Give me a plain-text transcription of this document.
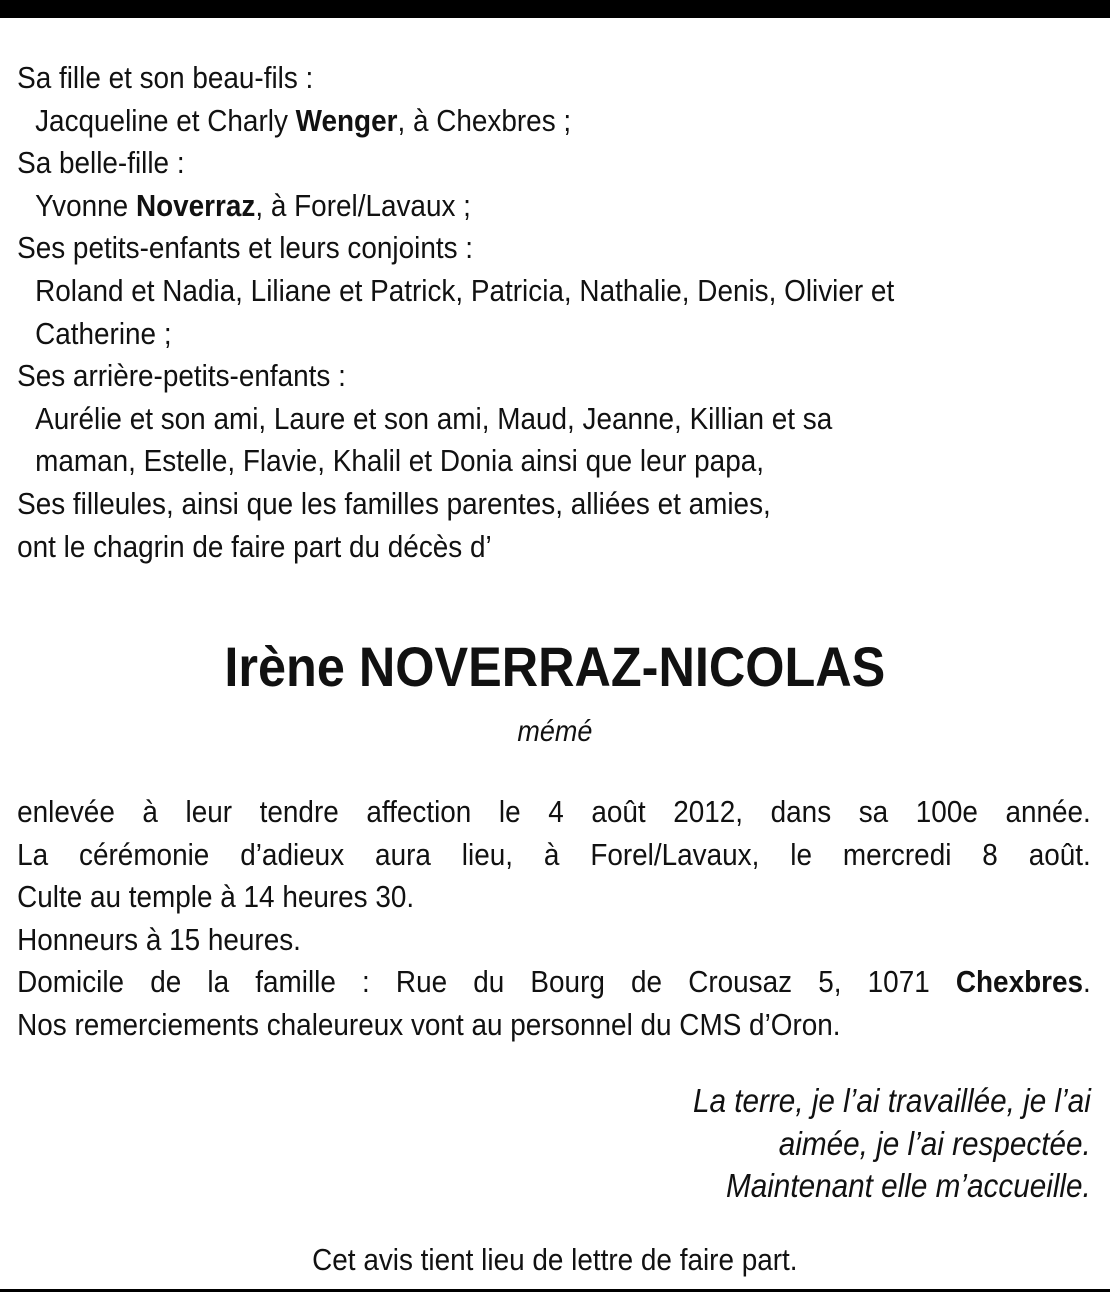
Sa fille et son beau-fils :
Jacqueline et Charly Wenger, à Chexbres ;
Sa belle-fille :
Yvonne Noverraz, à Forel/Lavaux ;
Ses petits-enfants et leurs conjoints :
Roland et Nadia, Liliane et Patrick, Patricia, Nathalie, Denis, Olivier et
Catherine ;
Ses arrière-petits-enfants :
Aurélie et son ami, Laure et son ami, Maud, Jeanne, Killian et sa
maman, Estelle, Flavie, Khalil et Donia ainsi que leur papa,
Ses filleules, ainsi que les familles parentes, alliées et amies,
ont le chagrin de faire part du décès d’
Irène NOVERRAZ-NICOLAS
mémé
enlevée à leur tendre affection le 4 août 2012, dans sa 100e année.
La cérémonie d’adieux aura lieu, à Forel/Lavaux, le mercredi 8 août.
Culte au temple à 14 heures 30.
Honneurs à 15 heures.
Domicile de la famille : Rue du Bourg de Crousaz 5, 1071 Chexbres.
Nos remerciements chaleureux vont au personnel du CMS d’Oron.
La terre, je l’ai travaillée, je l’ai
aimée, je l’ai respectée.
Maintenant elle m’accueille.
Cet avis tient lieu de lettre de faire part.
